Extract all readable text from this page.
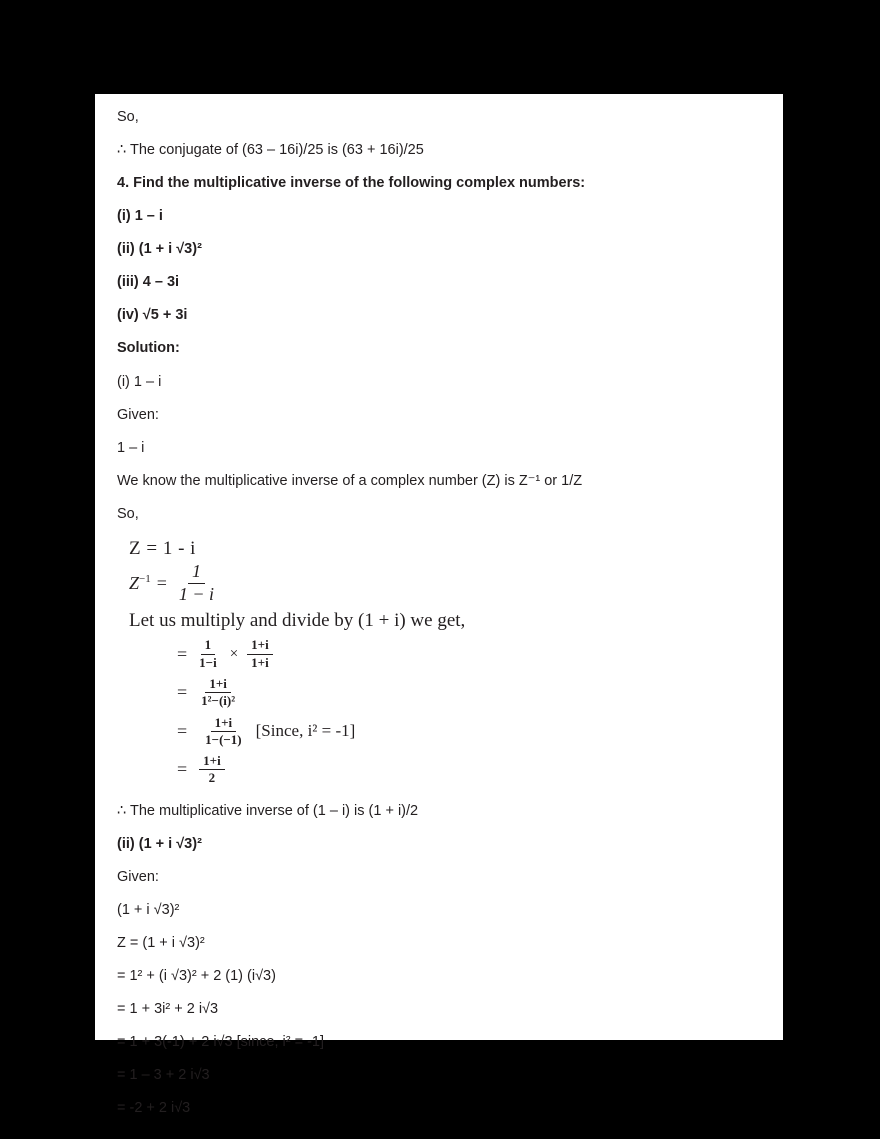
So,

∴ The conjugate of (63 – 16i)/25 is (63 + 16i)/25

4. Find the multiplicative inverse of the following complex numbers:

(i) 1 – i

(ii) (1 + i √3)²

(iii) 4 – 3i

(iv) √5 + 3i

Solution:

(i) 1 – i

Given:

1 – i

We know the multiplicative inverse of a complex number (Z) is Z⁻¹ or 1/Z

So,

Z = 1 - i
$Z^{-1} = \frac{1}{1 - i}$
Let us multiply and divide by (1 + i) we get,
= $\frac{1}{1-i} \times \frac{1+i}{1+i}$
= $\frac{1+i}{\text{1²−(i)²}}$
= $\frac{1+i}{1-(-1)}$ [Since, i² = -1]
= $\frac{1+i}{2}$

∴ The multiplicative inverse of (1 – i) is (1 + i)/2

(ii) (1 + i √3)²

Given:

(1 + i √3)²

Z = (1 + i √3)²

= 1² + (i √3)² + 2 (1) (i√3)

= 1 + 3i² + 2 i√3

= 1 + 3(-1) + 2 i√3 [since, i² = -1]

= 1 – 3 + 2 i√3

= -2 + 2 i√3
